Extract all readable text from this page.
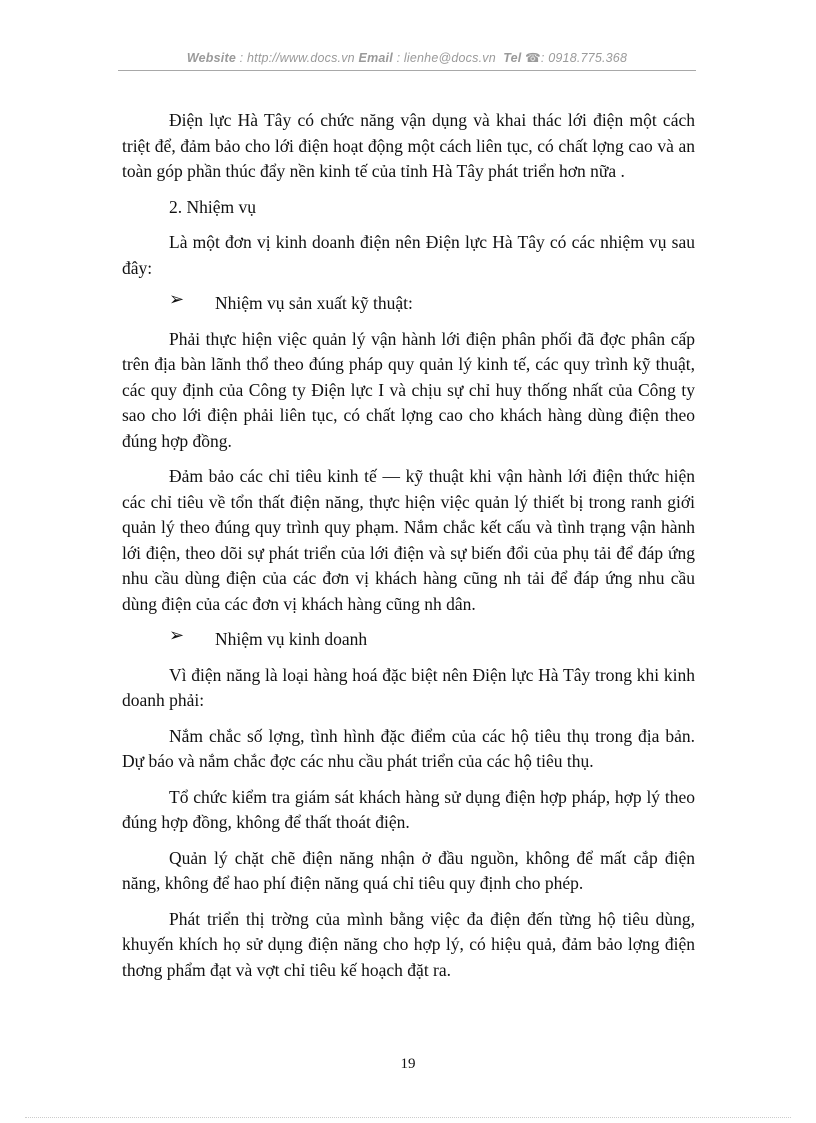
Website : http://www.docs.vn Email : lienhe@docs.vn Tel ☎: 0918.775.368

Điện lực Hà Tây có chức năng vận dụng và khai thác lới điện một cách triệt để, đảm bảo cho lới điện hoạt động một cách liên tục, có chất lợng cao và an toàn góp phần thúc đẩy nền kinh tế của tỉnh Hà Tây phát triển hơn nữa .

2. Nhiệm vụ

Là một đơn vị kinh doanh điện nên Điện lực Hà Tây có các nhiệm vụ sau đây:

➢	Nhiệm vụ sản xuất kỹ thuật:

Phải thực hiện việc quản lý vận hành lới điện phân phối đã đợc phân cấp trên địa bàn lãnh thổ theo đúng pháp quy quản lý kinh tế, các quy trình kỹ thuật, các quy định của Công ty Điện lực I và chịu sự chỉ huy thống nhất của Công ty sao cho lới điện phải liên tục, có chất lợng cao cho khách hàng dùng điện theo đúng hợp đồng.

Đảm bảo các chỉ tiêu kinh tế — kỹ thuật khi vận hành lới điện thức hiện các chỉ tiêu về tổn thất điện năng, thực hiện việc quản lý thiết bị trong ranh giới quản lý theo đúng quy trình quy phạm. Nắm chắc kết cấu và tình trạng vận hành lới điện, theo dõi sự phát triển của lới điện và sự biến đổi của phụ tải để đáp ứng nhu cầu dùng điện của các đơn vị khách hàng cũng nh tải để đáp ứng nhu cầu dùng điện của các đơn vị khách hàng cũng nh dân.

➢	Nhiệm vụ kinh doanh

Vì điện năng là loại hàng hoá đặc biệt nên Điện lực Hà Tây trong khi kinh doanh phải:

Nắm chắc số lợng, tình hình đặc điểm của các hộ tiêu thụ trong địa bản. Dự báo và nắm chắc đợc các nhu cầu phát triển của các hộ tiêu thụ.

Tổ chức kiểm tra giám sát khách hàng sử dụng điện hợp pháp, hợp lý theo đúng hợp đồng, không để thất thoát điện.

Quản lý chặt chẽ điện năng nhận ở đầu nguồn, không để mất cắp điện năng, không để hao phí điện năng quá chỉ tiêu quy định cho phép.

Phát triển thị trờng của mình bằng việc đa điện đến từng hộ tiêu dùng, khuyến khích họ sử dụng điện năng cho hợp lý, có hiệu quả, đảm bảo lợng điện thơng phẩm đạt và vợt chỉ tiêu kế hoạch đặt ra.

19
